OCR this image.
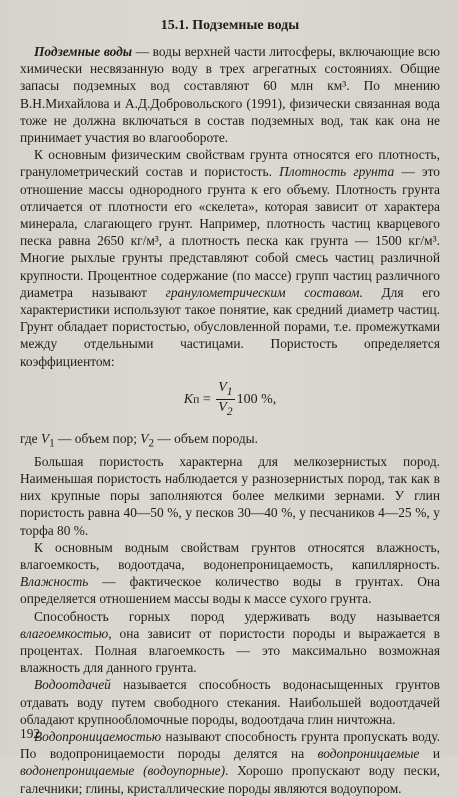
15.1. Подземные воды

Подземные воды — воды верхней части литосферы, включающие всю химически несвязанную воду в трех агрегатных состояниях. Общие запасы подземных вод составляют 60 млн км³. По мнению В.Н.Михайлова и А.Д.Добровольского (1991), физически связанная вода тоже не должна включаться в состав подземных вод, так как она не принимает участия во влагообороте.

К основным физическим свойствам грунта относятся его плотность, гранулометрический состав и пористость. Плотность грунта — это отношение массы однородного грунта к его объему. Плотность грунта отличается от плотности его «скелета», которая зависит от характера минерала, слагающего грунт. Например, плотность частиц кварцевого песка равна 2650 кг/м³, а плотность песка как грунта — 1500 кг/м³. Многие рыхлые грунты представляют собой смесь частиц различной крупности. Процентное содержание (по массе) групп частиц различного диаметра называют гранулометрическим составом. Для его характеристики используют такое понятие, как средний диаметр частиц. Грунт обладает пористостью, обусловленной порами, т.е. промежутками между отдельными частицами. Пористость определяется коэффициентом:

K $п = \frac{V_1}{V_2} 100$ %,

где $V_1$ — объем пор; $V_2$ — объем породы.

Большая пористость характерна для мелкозернистых пород. Наименьшая пористость наблюдается у разнозернистых пород, так как в них крупные поры заполняются более мелкими зернами. У глин пористость равна 40—50 %, у песков 30—40 %, у песчаников 4—25 %, у торфа 80 %.

К основным водным свойствам грунтов относятся влажность, влагоемкость, водоотдача, водонепроницаемость, капиллярность. Влажность — фактическое количество воды в грунтах. Она определяется отношением массы воды к массе сухого грунта.

Способность горных пород удерживать воду называется влагоемкостью, она зависит от пористости породы и выражается в процентах. Полная влагоемкость — это максимально возможная влажность для данного грунта.

Водоотдачей называется способность водонасыщенных грунтов отдавать воду путем свободного стекания. Наибольшей водоотдачей обладают крупнообломочные породы, водоотдача глин ничтожна.

Водопроницаемостью называют способность грунта пропускать воду. По водопроницаемости породы делятся на водопроницаемые и водонепроницаемые (водоупорные). Хорошо пропускают воду пески, галечники; глины, кристаллические породы являются водоупором.

192
